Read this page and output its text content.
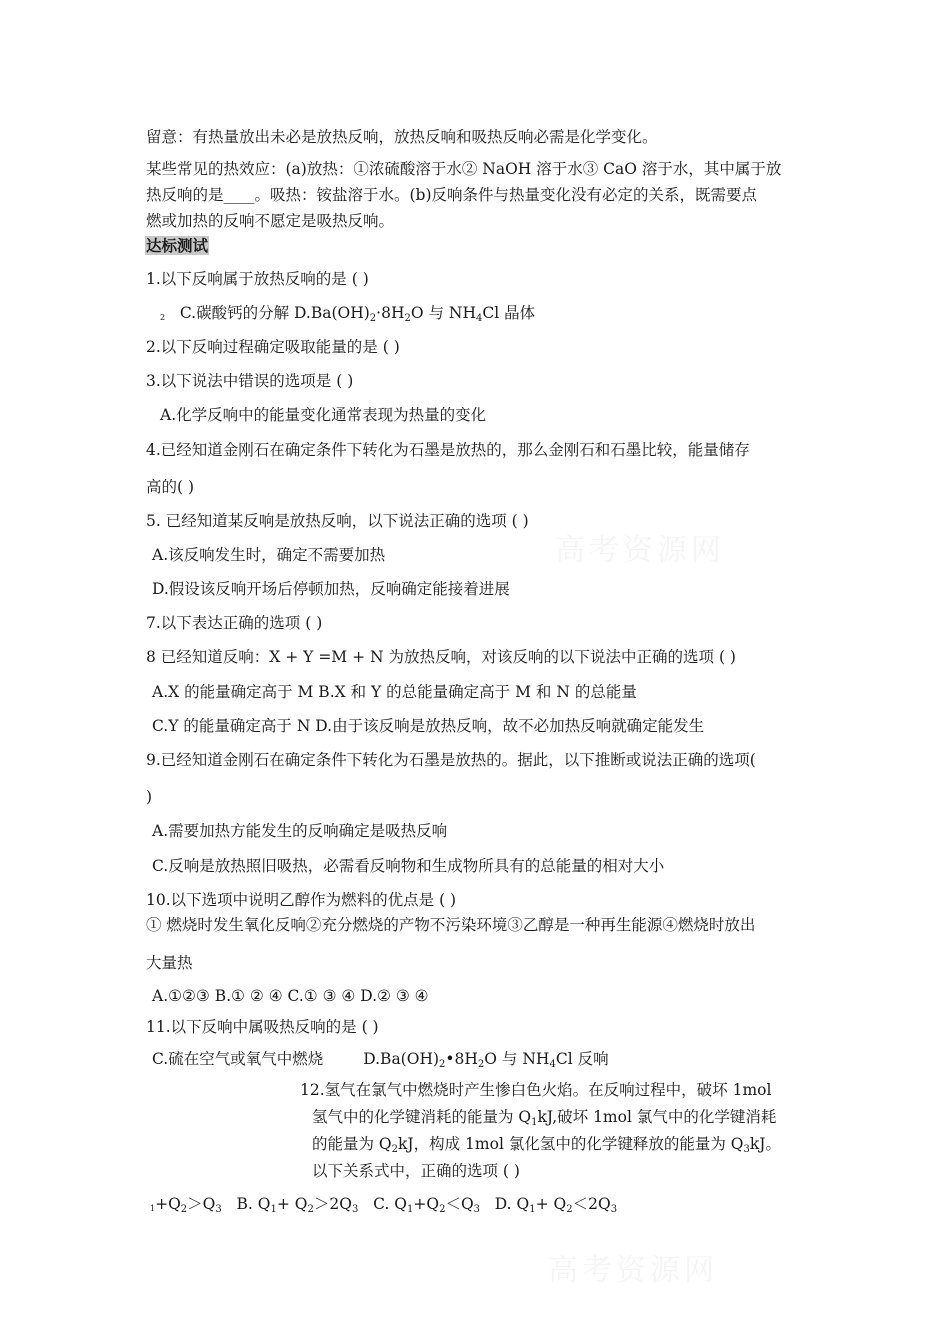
高考资源网
高考资源网
留意：有热量放出未必是放热反响，放热反响和吸热反响必需是化学变化。
某些常见的热效应：(a)放热：①浓硫酸溶于水② NaOH 溶于水③ CaO 溶于水，其中属于放
热反响的是____。吸热：铵盐溶于水。(b)反响条件与热量变化没有必定的关系，既需要点
燃或加热的反响不愿定是吸热反响。
达标测试
1.以下反响属于放热反响的是 ( )
2 C.碳酸钙的分解 $D.Ba(OH)_2\cdot 8H_2O$ 与 $NH_4Cl$ 晶体
2.以下反响过程确定吸取能量的是 ( )
3.以下说法中错误的选项是 ( )
A.化学反响中的能量变化通常表现为热量的变化
4.已经知道金刚石在确定条件下转化为石墨是放热的，那么金刚石和石墨比较，能量储存
高的( )
5. 已经知道某反响是放热反响，以下说法正确的选项 ( )
A.该反响发生时，确定不需要加热
D.假设该反响开场后停顿加热，反响确定能接着进展
7.以下表达正确的选项 ( )
8 已经知道反响：X + Y =M + N 为放热反响，对该反响的以下说法中正确的选项 ( )
A.X 的能量确定高于 M B.X 和 Y 的总能量确定高于 M 和 N 的总能量
C.Y 的能量确定高于 N D.由于该反响是放热反响，故不必加热反响就确定能发生
9.已经知道金刚石在确定条件下转化为石墨是放热的。据此，以下推断或说法正确的选项(
)
A.需要加热方能发生的反响确定是吸热反响
C.反响是放热照旧吸热，必需看反响物和生成物所具有的总能量的相对大小
10.以下选项中说明乙醇作为燃料的优点是 ( )
① 燃烧时发生氧化反响②充分燃烧的产物不污染环境③乙醇是一种再生能源④燃烧时放出
大量热
A.①②③ B.① ② ④ C.① ③ ④ D.② ③ ④
11.以下反响中属吸热反响的是 ( )
C.硫在空气或氧气中燃烧	$D.Ba(OH)_2•8H_2O$ 与 $NH_4Cl$ 反响
12.氢气在氯气中燃烧时产生惨白色火焰。在反响过程中，破坏 1mol
氢气中的化学键消耗的能量为 $Q_1kJ$,破坏 1mol 氯气中的化学键消耗
的能量为 $Q_2kJ$，构成 1mol 氯化氢中的化学键释放的能量为 $Q_3kJ$。
以下关系式中，正确的选项 ( )
$1+Q_2>Q_3$   B. $Q_1+ Q_2>2Q_3$   C. $Q_1+Q_2<Q_3$   D. $Q_1+ Q_2<2Q_3$
